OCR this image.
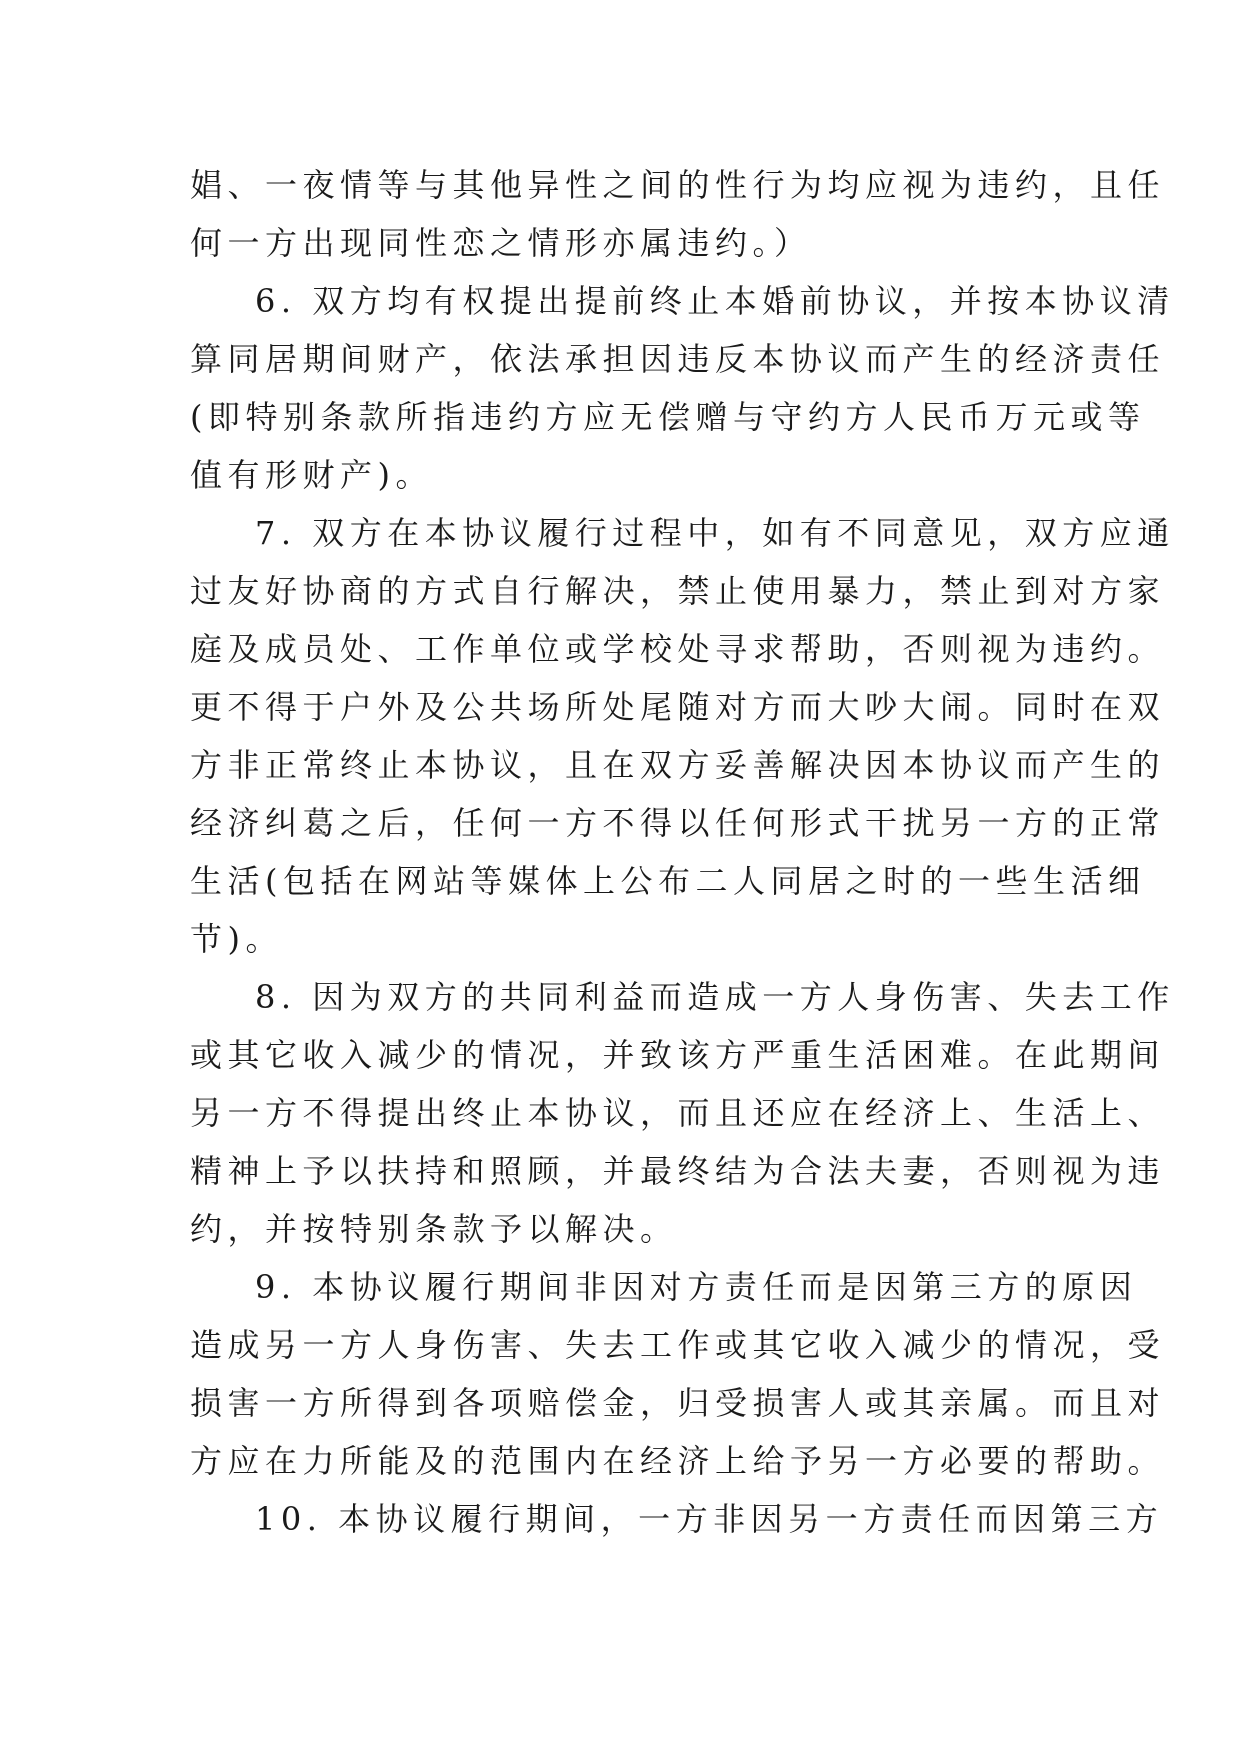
娼、一夜情等与其他异性之间的性行为均应视为违约，且任
何一方出现同性恋之情形亦属违约。）
6. 双方均有权提出提前终止本婚前协议，并按本协议清
算同居期间财产，依法承担因违反本协议而产生的经济责任
(即特别条款所指违约方应无偿赠与守约方人民币万元或等
值有形财产)。
7. 双方在本协议履行过程中，如有不同意见，双方应通
过友好协商的方式自行解决，禁止使用暴力，禁止到对方家
庭及成员处、工作单位或学校处寻求帮助，否则视为违约。
更不得于户外及公共场所处尾随对方而大吵大闹。同时在双
方非正常终止本协议，且在双方妥善解决因本协议而产生的
经济纠葛之后，任何一方不得以任何形式干扰另一方的正常
生活(包括在网站等媒体上公布二人同居之时的一些生活细
节)。
8. 因为双方的共同利益而造成一方人身伤害、失去工作
或其它收入减少的情况，并致该方严重生活困难。在此期间
另一方不得提出终止本协议，而且还应在经济上、生活上、
精神上予以扶持和照顾，并最终结为合法夫妻，否则视为违
约，并按特别条款予以解决。
9. 本协议履行期间非因对方责任而是因第三方的原因
造成另一方人身伤害、失去工作或其它收入减少的情况，受
损害一方所得到各项赔偿金，归受损害人或其亲属。而且对
方应在力所能及的范围内在经济上给予另一方必要的帮助。
10. 本协议履行期间，一方非因另一方责任而因第三方
